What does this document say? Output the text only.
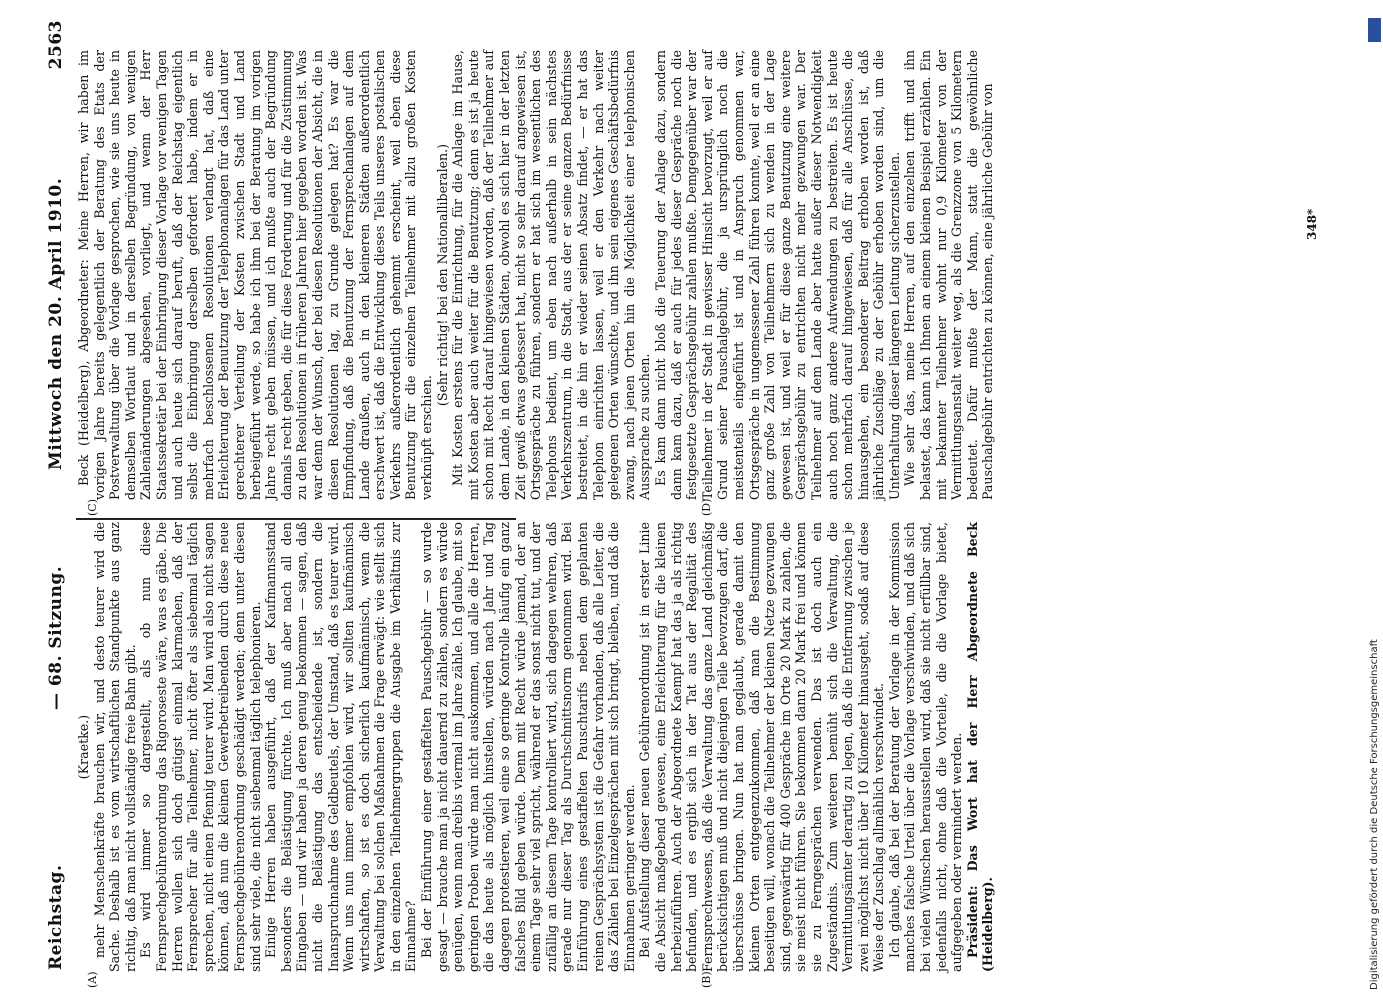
Reichstag.
— 68. Sitzung.
Mittwoch den 20. April 1910.
2563
(A)	(B)
(C)	(D)

(Kraetke.) mehr Menschenkräfte brauchen wir, und desto teurer wird die Sache. Deshalb ist es vom wirtschaftlichen Standpunkte aus ganz richtig, daß man nicht vollständige freie Bahn gibt. Es wird immer so dargestellt, als ob nun diese Fernsprechgebührenordnung das Rigoroseste wäre, was es gäbe. Die Herren wollen sich doch gütigst einmal klarmachen, daß der Fernsprecher für alle Teilnehmer, nicht öfter als siebenmal täglich sprechen, nicht einen Pfennig teurer wird. Man wird also nicht sagen können, daß nun die kleinen Gewerbetreibenden durch diese neue Fernsprechgebührenordnung geschädigt werden; denn unter diesen sind sehr viele, die nicht siebenmal täglich telephonieren. Einige Herren haben ausgeführt, daß der Kaufmannsstand besonders die Belästigung fürchte. Ich muß aber nach all den Eingaben — und wir haben ja deren genug bekommen — sagen, daß nicht die Belästigung das entscheidende ist, sondern die Inanspruchnahme des Geldbeutels, der Umstand, daß es teurer wird. Wenn uns nun immer empfohlen wird, wir sollten kaufmännisch wirtschaften, so ist es doch sicherlich kaufmännisch, wenn die Verwaltung bei solchen Maßnahmen die Frage erwägt: wie stellt sich in den einzelnen Teilnehmergruppen die Ausgabe im Verhältnis zur Einnahme? Bei der Einführung einer gestaffelten Pauschgebühr — so wurde gesagt — brauche man ja nicht dauernd zu zählen, sondern es würde genügen, wenn man dreibis viermal im Jahre zähle. Ich glaube, mit so geringen Proben würde man nicht auskommen, und alle die Herren, die das heute als möglich hinstellen, würden nach Jahr und Tag dagegen protestieren, weil eine so geringe Kontrolle häufig ein ganz falsches Bild geben würde. Denn mit Recht würde jemand, der an einem Tage sehr viel spricht, während er das sonst nicht tut, und der zufällig an diesem Tage kontrolliert wird, sich dagegen wehren, daß gerade nur dieser Tag als Durchschnittsnorm genommen wird. Bei Einführung eines gestaffelten Pauschtarifs neben dem geplanten reinen Gesprächsystem ist die Gefahr vorhanden, daß alle Leiter, die das Zählen bei Einzelgesprächen mit sich bringt, bleiben, und daß die Einnahmen geringer werden. Bei Aufstellung dieser neuen Gebührenordnung ist in erster Linie die Absicht maßgebend gewesen, eine Erleichterung für die kleinen herbeizuführen. Auch der Abgeordnete Kaempf hat das ja als richtig befunden, und es ergibt sich in der Tat aus der Regalität des Fernsprechwesens, daß die Verwaltung das ganze Land gleichmäßig berücksichtigen muß und nicht diejenigen Teile bevorzugen darf, die überschüsse bringen. Nun hat man geglaubt, gerade damit den kleinen Orten entgegenzukommen, daß man die Bestimmung beseitigen will, wonach die Teilnehmer der kleinen Netze gezwungen sind, gegenwärtig für 400 Gespräche im Orte 20 Mark zu zahlen, die sie meist nicht führen. Sie bekommen dann 20 Mark frei und können sie zu Ferngesprächen verwenden. Das ist doch auch ein Zugeständnis. Zum weiteren bemüht sich die Verwaltung, die Vermittlungsämter derartig zu legen, daß die Entfernung zwischen je zwei möglichst nicht über 10 Kilometer hinausgeht, sodaß auf diese Weise der Zuschlag allmählich verschwindet. Ich glaube, daß bei der Beratung der Vorlage in der Kommission manches falsche Urteil über die Vorlage verschwinden, und daß sich bei vielen Wünschen herausstellen wird, daß sie nicht erfüllbar sind, jedenfalls nicht, ohne daß die Vorteile, die die Vorlage bietet, aufgegeben oder vermindert werden. Präsident: Das Wort hat der Herr Abgeordnete Beck (Heidelberg).

Beck (Heidelberg), Abgeordneter: Meine Herren, wir haben im vorigen Jahre bereits gelegentlich der Beratung des Etats der Postverwaltung über die Vorlage gesprochen, wie sie uns heute in demselben Wortlaut und in derselben Begründung, von wenigen Zahlenänderungen abgesehen, vorliegt, und wenn der Herr Staatssekretär bei der Einbringung dieser Vorlage vor wenigen Tagen und auch heute sich darauf beruft, daß der Reichstag eigentlich selbst die Einbringung derselben gefordert habe, indem er in mehrfach beschlossenen Resolutionen verlangt hat, daß eine Erleichterung der Benutzung der Telephonanlagen für das Land unter gerechterer Verteilung der Kosten zwischen Stadt und Land herbeigeführt werde, so habe ich ihm bei der Beratung im vorigen Jahre recht geben müssen, und ich mußte auch der Begründung damals recht geben, die für diese Forderung und für die Zustimmung zu den Resolutionen in früheren Jahren hier gegeben worden ist. Was war denn der Wunsch, der bei diesen Resolutionen der Absicht, die in diesen Resolutionen lag, zu Grunde gelegen hat? Es war die Empfindung, daß die Benutzung der Fernsprechanlagen auf dem Lande draußen, auch in den kleineren Städten außerordentlich erschwert ist, daß die Entwicklung dieses Teils unseres postalischen Verkehrs außerordentlich gehemmt erscheint, weil eben diese Benutzung für die einzelnen Teilnehmer mit allzu großen Kosten verknüpft erschien.

(Sehr richtig! bei den Nationalliberalen.) Mit Kosten erstens für die Einrichtung, für die Anlage im Hause, mit Kosten aber auch weiter für die Benutzung; denn es ist ja heute schon mit Recht darauf hingewiesen worden, daß der Teilnehmer auf dem Lande, in den kleinen Städten, obwohl es sich hier in der letzten Zeit gewiß etwas gebessert hat, nicht so sehr darauf angewiesen ist, Ortsgespräche zu führen, sondern er hat sich im wesentlichen des Telephons bedient, um eben nach außerhalb in sein nächstes Verkehrszentrum, in die Stadt, aus der er seine ganzen Bedürfnisse bestreitet, in die hin er wieder seinen Absatz findet, — er hat das Telephon einrichten lassen, weil er den Verkehr nach weiter gelegenen Orten wünschte, und ihn sein eigenes Geschäftsbedürfnis zwang, nach jenen Orten hin die Möglichkeit einer telephonischen Aussprache zu suchen. Es kam dann nicht bloß die Teuerung der Anlage dazu, sondern dann kam dazu, daß er auch für jedes dieser Gespräche noch die festgesetzte Gesprächsgebühr zahlen mußte. Demgegenüber war der Teilnehmer in der Stadt in gewisser Hinsicht bevorzugt, weil er auf Grund seiner Pauschalgebühr, die ja ursprünglich noch die meistenteils eingeführt ist und in Anspruch genommen war, Ortsgespräche in ungemessener Zahl führen konnte, weil er an eine ganz große Zahl von Teilnehmern sich zu wenden in der Lage gewesen ist, und weil er für diese ganze Benutzung eine weitere Gesprächsgebühr zu entrichten nicht mehr gezwungen war. Der Teilnehmer auf dem Lande aber hatte außer dieser Notwendigkeit auch noch ganz andere Aufwendungen zu bestreiten. Es ist heute schon mehrfach darauf hingewiesen, daß für alle Anschlüsse, die hinausgehen, ein besonderer Beitrag erhoben worden ist, daß jährliche Zuschläge zu der Gebühr erhoben worden sind, um die Unterhaltung dieser längeren Leitung sicherzustellen. Wie sehr das, meine Herren, auf den einzelnen trifft und ihn belastet, das kann ich Ihnen an einem kleinen Beispiel erzählen. Ein mit bekannter Teilnehmer wohnt nur 0,9 Kilometer von der Vermittlungsanstalt weiter weg, als die Grenzzone von 5 Kilometern bedeutet. Dafür mußte der Mann, statt die gewöhnliche Pauschalgebühr entrichten zu können, eine jährliche Gebühr von	348*
Digitalisierung gefördert durch die Deutsche Forschungsgemeinschaft
